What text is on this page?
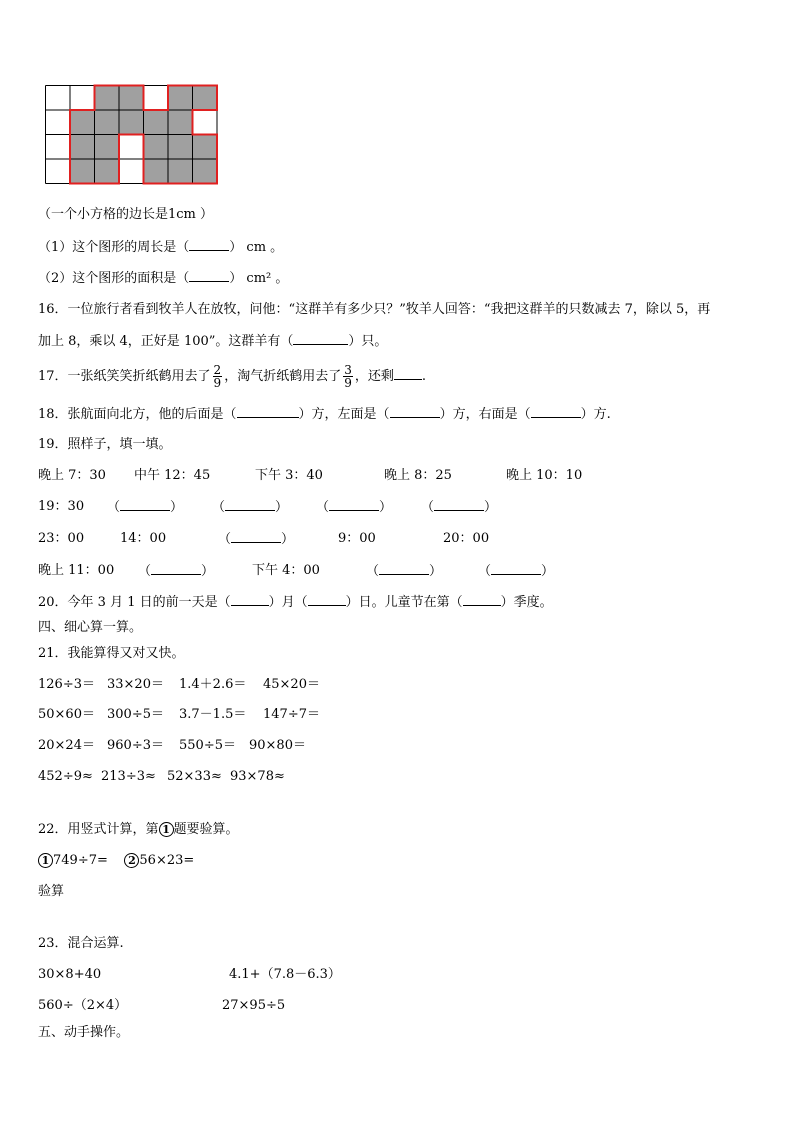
（一个小方格的边长是1cm ）
（1）这个图形的周长是（	） cm 。
（2）这个图形的面积是（	） cm² 。
16．一位旅行者看到牧羊人在放牧，问他：“这群羊有多少只？”牧羊人回答：“我把这群羊的只数减去 7，除以 5，再
加上 8，乘以 4，正好是 100”。这群羊有（	）只。
17．一张纸笑笑折纸鹤用去了 $\frac{2}{9}$ ，淘气折纸鹤用去了 $\frac{3}{9}$ ，还剩 .
18．张航面向北方，他的后面是（	）方，左面是（	）方，右面是（	）方.
19．照样子，填一填。
晚上 7：30 中午 12：45	下午 3：40	晚上 8：25	晚上 10：10
19：30 （	） （	） （	） （	）
23：00	14：00	（	）	9：00	20：00
晚上 11：00 （	）	下午 4：00	（	）	（	）
20．今年 3 月 1 日的前一天是（	）月（	）日。儿童节在第（	）季度。
四、细心算一算。
21．我能算得又对又快。
126÷3＝ 33×20＝ 1.4＋2.6＝ 45×20＝
50×60＝ 300÷5＝ 3.7－1.5＝ 147÷7＝
20×24＝ 960÷3＝ 550÷5＝ 90×80＝
452÷9≈ 213÷3≈ 52×33≈ 93×78≈
22．用竖式计算，第 1 题要验算。
1 749÷7= 2 56×23=
验算
23．混合运算.
30×8+40	4.1+（7.8－6.3）
560÷（2×4）	27×95÷5
五、动手操作。
